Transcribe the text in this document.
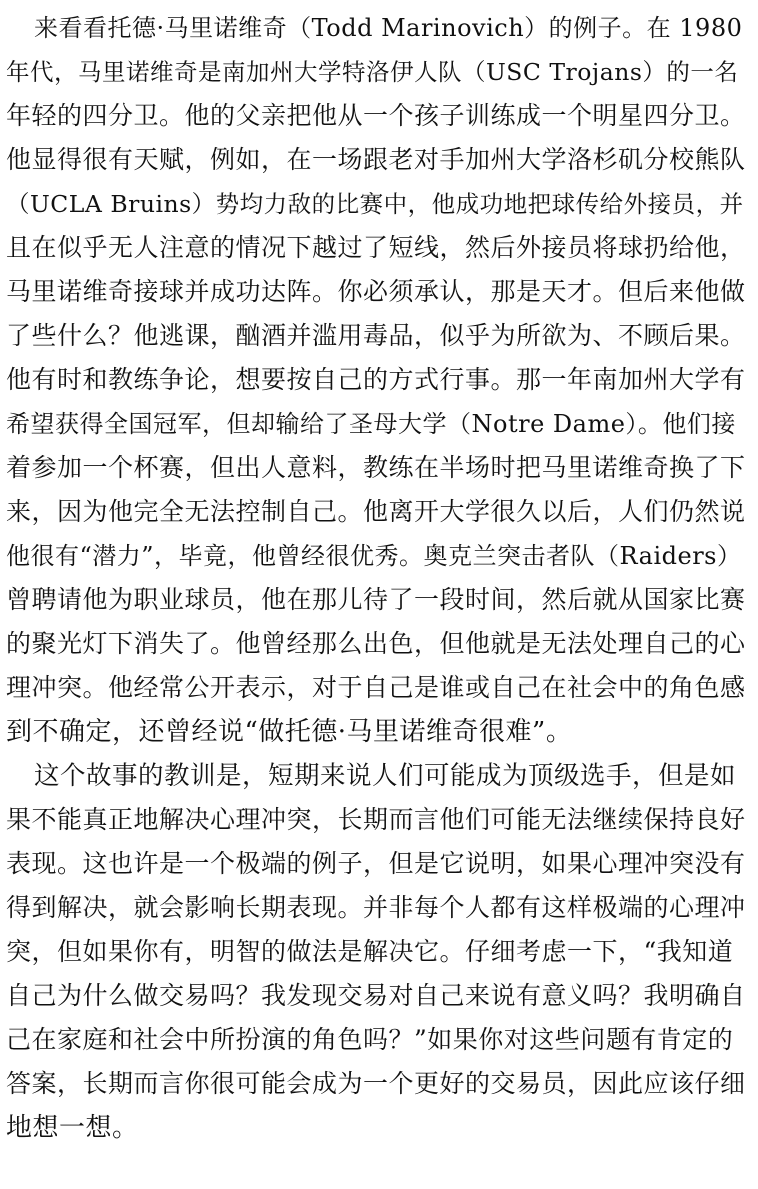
来看看托德·马里诺维奇（Todd Marinovich）的例子。在 1980
年代，马里诺维奇是南加州大学特洛伊人队（USC Trojans）的一名
年轻的四分卫。他的父亲把他从一个孩子训练成一个明星四分卫。
他显得很有天赋，例如，在一场跟老对手加州大学洛杉矶分校熊队
（UCLA Bruins）势均力敌的比赛中，他成功地把球传给外接员，并
且在似乎无人注意的情况下越过了短线，然后外接员将球扔给他，
马里诺维奇接球并成功达阵。你必须承认，那是天才。但后来他做
了些什么？他逃课，酗酒并滥用毒品，似乎为所欲为、不顾后果。
他有时和教练争论，想要按自己的方式行事。那一年南加州大学有
希望获得全国冠军，但却输给了圣母大学（Notre Dame）。他们接
着参加一个杯赛，但出人意料，教练在半场时把马里诺维奇换了下
来，因为他完全无法控制自己。他离开大学很久以后，人们仍然说
他很有“潜力”，毕竟，他曾经很优秀。奥克兰突击者队（Raiders）
曾聘请他为职业球员，他在那儿待了一段时间，然后就从国家比赛
的聚光灯下消失了。他曾经那么出色，但他就是无法处理自己的心
理冲突。他经常公开表示，对于自己是谁或自己在社会中的角色感
到不确定，还曾经说“做托德·马里诺维奇很难”。
这个故事的教训是，短期来说人们可能成为顶级选手，但是如
果不能真正地解决心理冲突，长期而言他们可能无法继续保持良好
表现。这也许是一个极端的例子，但是它说明，如果心理冲突没有
得到解决，就会影响长期表现。并非每个人都有这样极端的心理冲
突，但如果你有，明智的做法是解决它。仔细考虑一下，“我知道
自己为什么做交易吗？我发现交易对自己来说有意义吗？我明确自
己在家庭和社会中所扮演的角色吗？”如果你对这些问题有肯定的
答案，长期而言你很可能会成为一个更好的交易员，因此应该仔细
地想一想。
